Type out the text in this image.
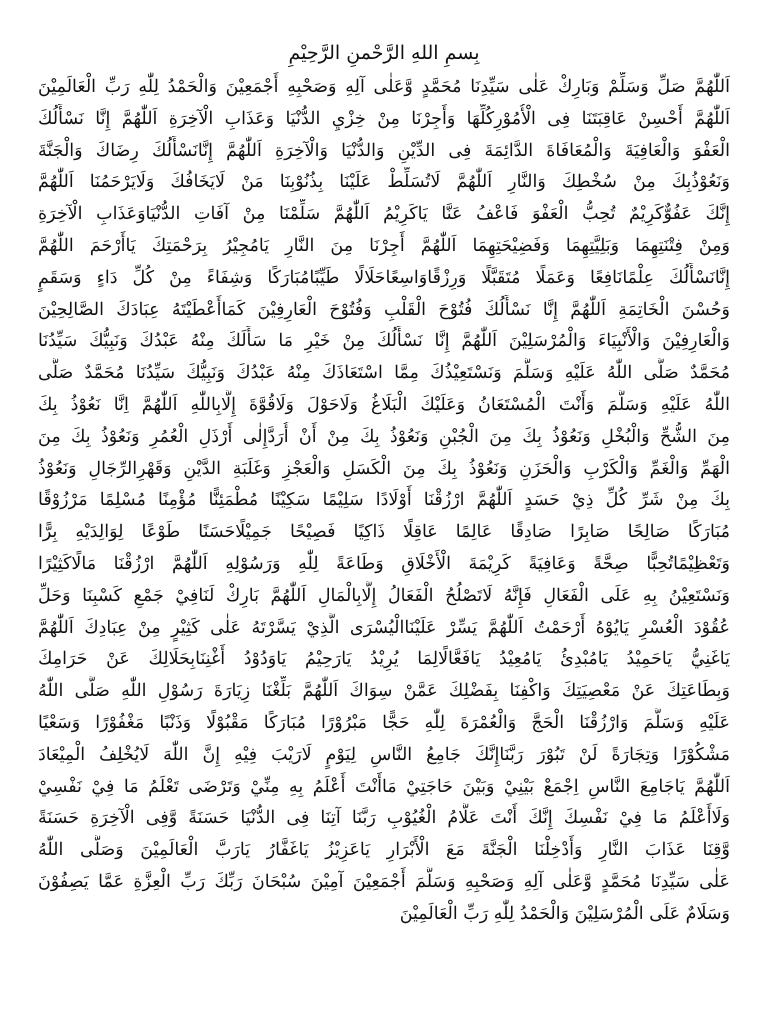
بِسمِ اللهِ الرَّحْمنِ الرَّحِيْمِ
اَللّٰهُمَّ صَلِّ وَسَلِّمْ وَبَارِكْ عَلٰى سَيِّدِنَا مُحَمَّدٍ وَّعَلٰى آلِهِ وَصَحْبِهِ أَجْمَعِيْنَ وَالْحَمْدُ لِلّٰهِ رَبِّ الْعَالَمِيْنَ
اَللّٰهُمَّ أَحْسِنْ عَاقِبَتَنَا فِى الْأُمُوْرِكُلِّهَا وَأَجِرْنَا مِنْ خِزْيِ الدُّنْيَا وَعَذَابِ الْآخِرَةِ اَللّٰهُمَّ إِنَّا نَسْأَلُكَ
الْعَفْوَ وَالْعَافِيَةَ وَالْمُعَافَاةَ الدَّائِمَةَ فِى الدِّيْنِ وَالدُّنْيَا وَالْآخِرَةِ اَللّٰهُمَّ إِنَّانَسْأَلُكَ رِضَاكَ وَالْجَنَّةَ
وَنَعُوْذُبِكَ مِنْ سُخْطِكَ وَالنَّارِ اَللّٰهُمَّ لَاتُسَلِّطْ عَلَيْنَا بِذُنُوْبِنَا مَنْ لَايَخَافُكَ وَلَايَرْحَمُنَا اَللّٰهُمَّ
إِنَّكَ عَفُوٌّكَرِيْمٌ تُحِبُّ الْعَفْوَ فَاعْفُ عَنَّا يَاكَرِيْمُ اَللّٰهُمَّ سَلِّمْنَا مِنْ آفَاتِ الدُّنْيَاوَعَذَابِ الْآخِرَةِ
وَمِنْ فِتْنَتِهِمَا وَبَلِيَّتِهِمَا وَفَضِيْحَتِهِمَا اَللّٰهُمَّ أَجِرْنَا مِنَ النَّارِ يَامُجِيْرُ بِرَحْمَتِكَ يَاأَرْحَمَ اللّٰهُمَّ
إِنَّانَسْأَلُكَ عِلْمًانَافِعًا وَعَمَلًا مُتَقَبَّلًا وَرِزْقًاوَاسِعًاحَلَالًا طَيِّبًامُبَارَكًا وَشِفَاءً مِنْ كُلِّ دَاءٍ وَسَقَمٍ
وَحُسْنَ الْخَاتِمَةِ اَللّٰهُمَّ إِنَّا نَسْأَلُكَ فُتُوْحَ الْقَلْبِ وَفُتُوْحَ الْعَارِفِيْنَ كَمَاأَعْطَيْتَهُ عِبَادَكَ الصَّالِحِيْنَ
وَالْعَارِفِيْنَ وَالْأَنْبِيَاءَ وَالْمُرْسَلِيْنَ اَللّٰهُمَّ إِنَّا نَسْأَلُكَ مِنْ خَيْرِ مَا سَأَلَكَ مِنْهُ عَبْدُكَ وَنَبِيُّكَ سَيِّدُنَا
مُحَمَّدٌ صَلَّى اللّٰهُ عَلَيْهِ وَسَلَّمَ وَنَسْتَعِيْذُكَ مِمَّا اسْتَعَاذَكَ مِنْهُ عَبْدُكَ وَنَبِيُّكَ سَيِّدُنَا مُحَمَّدٌ صَلَّى
اللّٰهُ عَلَيْهِ وَسَلَّمَ وَأَنْتَ الْمُسْتَعَانُ وَعَلَيْكَ الْبَلَاغُ وَلَاحَوْلَ وَلَاقُوَّةَ إِلَّابِاللّٰهِ اَللّٰهُمَّ اِنَّا نَعُوْذُ بِكَ
مِنَ الشُّحِّ وَالْبُخْلِ وَنَعُوْذُ بِكَ مِنَ الْجُبْنِ وَنَعُوْذُ بِكَ مِنْ أَنْ أُرَدَّإِلٰى أَرْذَلِ الْعُمُرِ وَنَعُوْذُ بِكَ مِنَ
الْهَمِّ وَالْغَمِّ وَالْكَرْبِ وَالْحَزَنِ وَنَعُوْذُ بِكَ مِنَ الْكَسَلِ وَالْعَجْزِ وَغَلَبَةِ الدَّيْنِ وَقَهْرِالرِّجَالِ وَنَعُوْذُ
بِكَ مِنْ شَرِّ كُلِّ ذِيْ حَسَدٍ اَللّٰهُمَّ ارْزُقْنَا أَوْلَادًا سَلِيْمًا سَكِيْنًا مُطْمَئِنًّا مُؤْمِنًا مُسْلِمًا مَرْزُوْقًا
مُبَارَكًا صَالِحًا صَابِرًا صَادِقًا عَالِمًا عَاقِلًا ذَاكِيًا فَصِيْحًا جَمِيْلًاحَسَنًا طَوْعًا لِوَالِدَيْهِ بِرًّا
وَتَعْظِيْمًاتُحِبًّا صِحَّةً وَعَافِيَةً كَرِيْمَةَ الْأَخْلَاقِ وَطَاعَةً لِلّٰهِ وَرَسُوْلِهِ اَللّٰهُمَّ ارْزُقْنَا مَالًاكَثِيْرًا
وَنَسْتَعِيْنُ بِهِ عَلَى الْفَعَالِ فَإِنَّهُ لَاتَصْلُحُ الْفَعَالُ إِلَّابِالْمَالِ اَللّٰهُمَّ بَارِكْ لَنَافِيْ جَمْعِ كَسْبِنَا وَحَلِّ
عُقُوْدَ الْعُسْرِ يَايُوْهُ أَرْحَمْتُ اَللّٰهُمَّ يَسِّرْ عَلَيْنَاالْيُسْرَى الَّذِيْ يَسَّرْتَهُ عَلٰى كَثِيْرٍ مِنْ عِبَادِكَ اَللّٰهُمَّ
يَاغَنِيُّ يَاحَمِيْدُ يَامُبْدِئُ يَامُعِيْدُ يَافَعَّالًالِمَا يُرِيْدُ يَارَحِيْمُ يَاوَدُوْدُ أَغْنِنَابِحَلَالِكَ عَنْ حَرَامِكَ
وَبِطَاعَتِكَ عَنْ مَعْصِيَتِكَ وَاكْفِنَا بِفَضْلِكَ عَمَّنْ سِوَاكَ اَللّٰهُمَّ بَلِّغْنَا زِيَارَةَ رَسُوْلِ اللّٰهِ صَلَّى اللّٰهُ
عَلَيْهِ وَسَلَّمَ وَارْزُقْنَا الْحَجَّ وَالْعُمْرَةَ لِلّٰهِ حَجًّا مَبْرُوْرًا مُبَارَكًا مَقْبُوْلًا وَذَنْبًا مَغْفُوْرًا وَسَعْيًا
مَشْكُوْرًا وَتِجَارَةً لَنْ تَبُوْرَ رَبَّنَاإِنَّكَ جَامِعُ النَّاسِ لِيَوْمٍ لَارَيْبَ فِيْهِ إِنَّ اللّٰهَ لَايُخْلِفُ الْمِيْعَادَ
اَللّٰهُمَّ يَاجَامِعَ النَّاسِ اِجْمَعْ بَيْنِيْ وَبَيْنَ حَاجَتِيْ مَاأَنْتَ أَعْلَمُ بِهِ مِنِّيْ وَتَرْضَى تَعْلَمُ مَا فِيْ نَفْسِيْ
وَلَاأَعْلَمُ مَا فِيْ نَفْسِكَ إِنَّكَ أَنْتَ عَلَّامُ الْغُيُوْبِ رَبَّنَا آتِنَا فِى الدُّنْيَا حَسَنَةً وَّفِى الْآخِرَةِ حَسَنَةً
وَّقِنَا عَذَابَ النَّارِ وَأَدْخِلْنَا الْجَنَّةَ مَعَ الْأَبْرَارِ يَاعَزِيْزُ يَاغَفَّارُ يَارَبَّ الْعَالَمِيْنَ وَصَلَّى اللّٰهُ
عَلٰى سَيِّدِنَا مُحَمَّدٍ وَّعَلٰى آلِهِ وَصَحْبِهِ وَسَلَّمَ أَجْمَعِيْنَ آمِيْنَ سُبْحَانَ رَبِّكَ رَبِّ الْعِزَّةِ عَمَّا يَصِفُوْنَ
وَسَلَامٌ عَلَى الْمُرْسَلِيْنَ وَالْحَمْدُ لِلّٰهِ رَبِّ الْعَالَمِيْنَ
